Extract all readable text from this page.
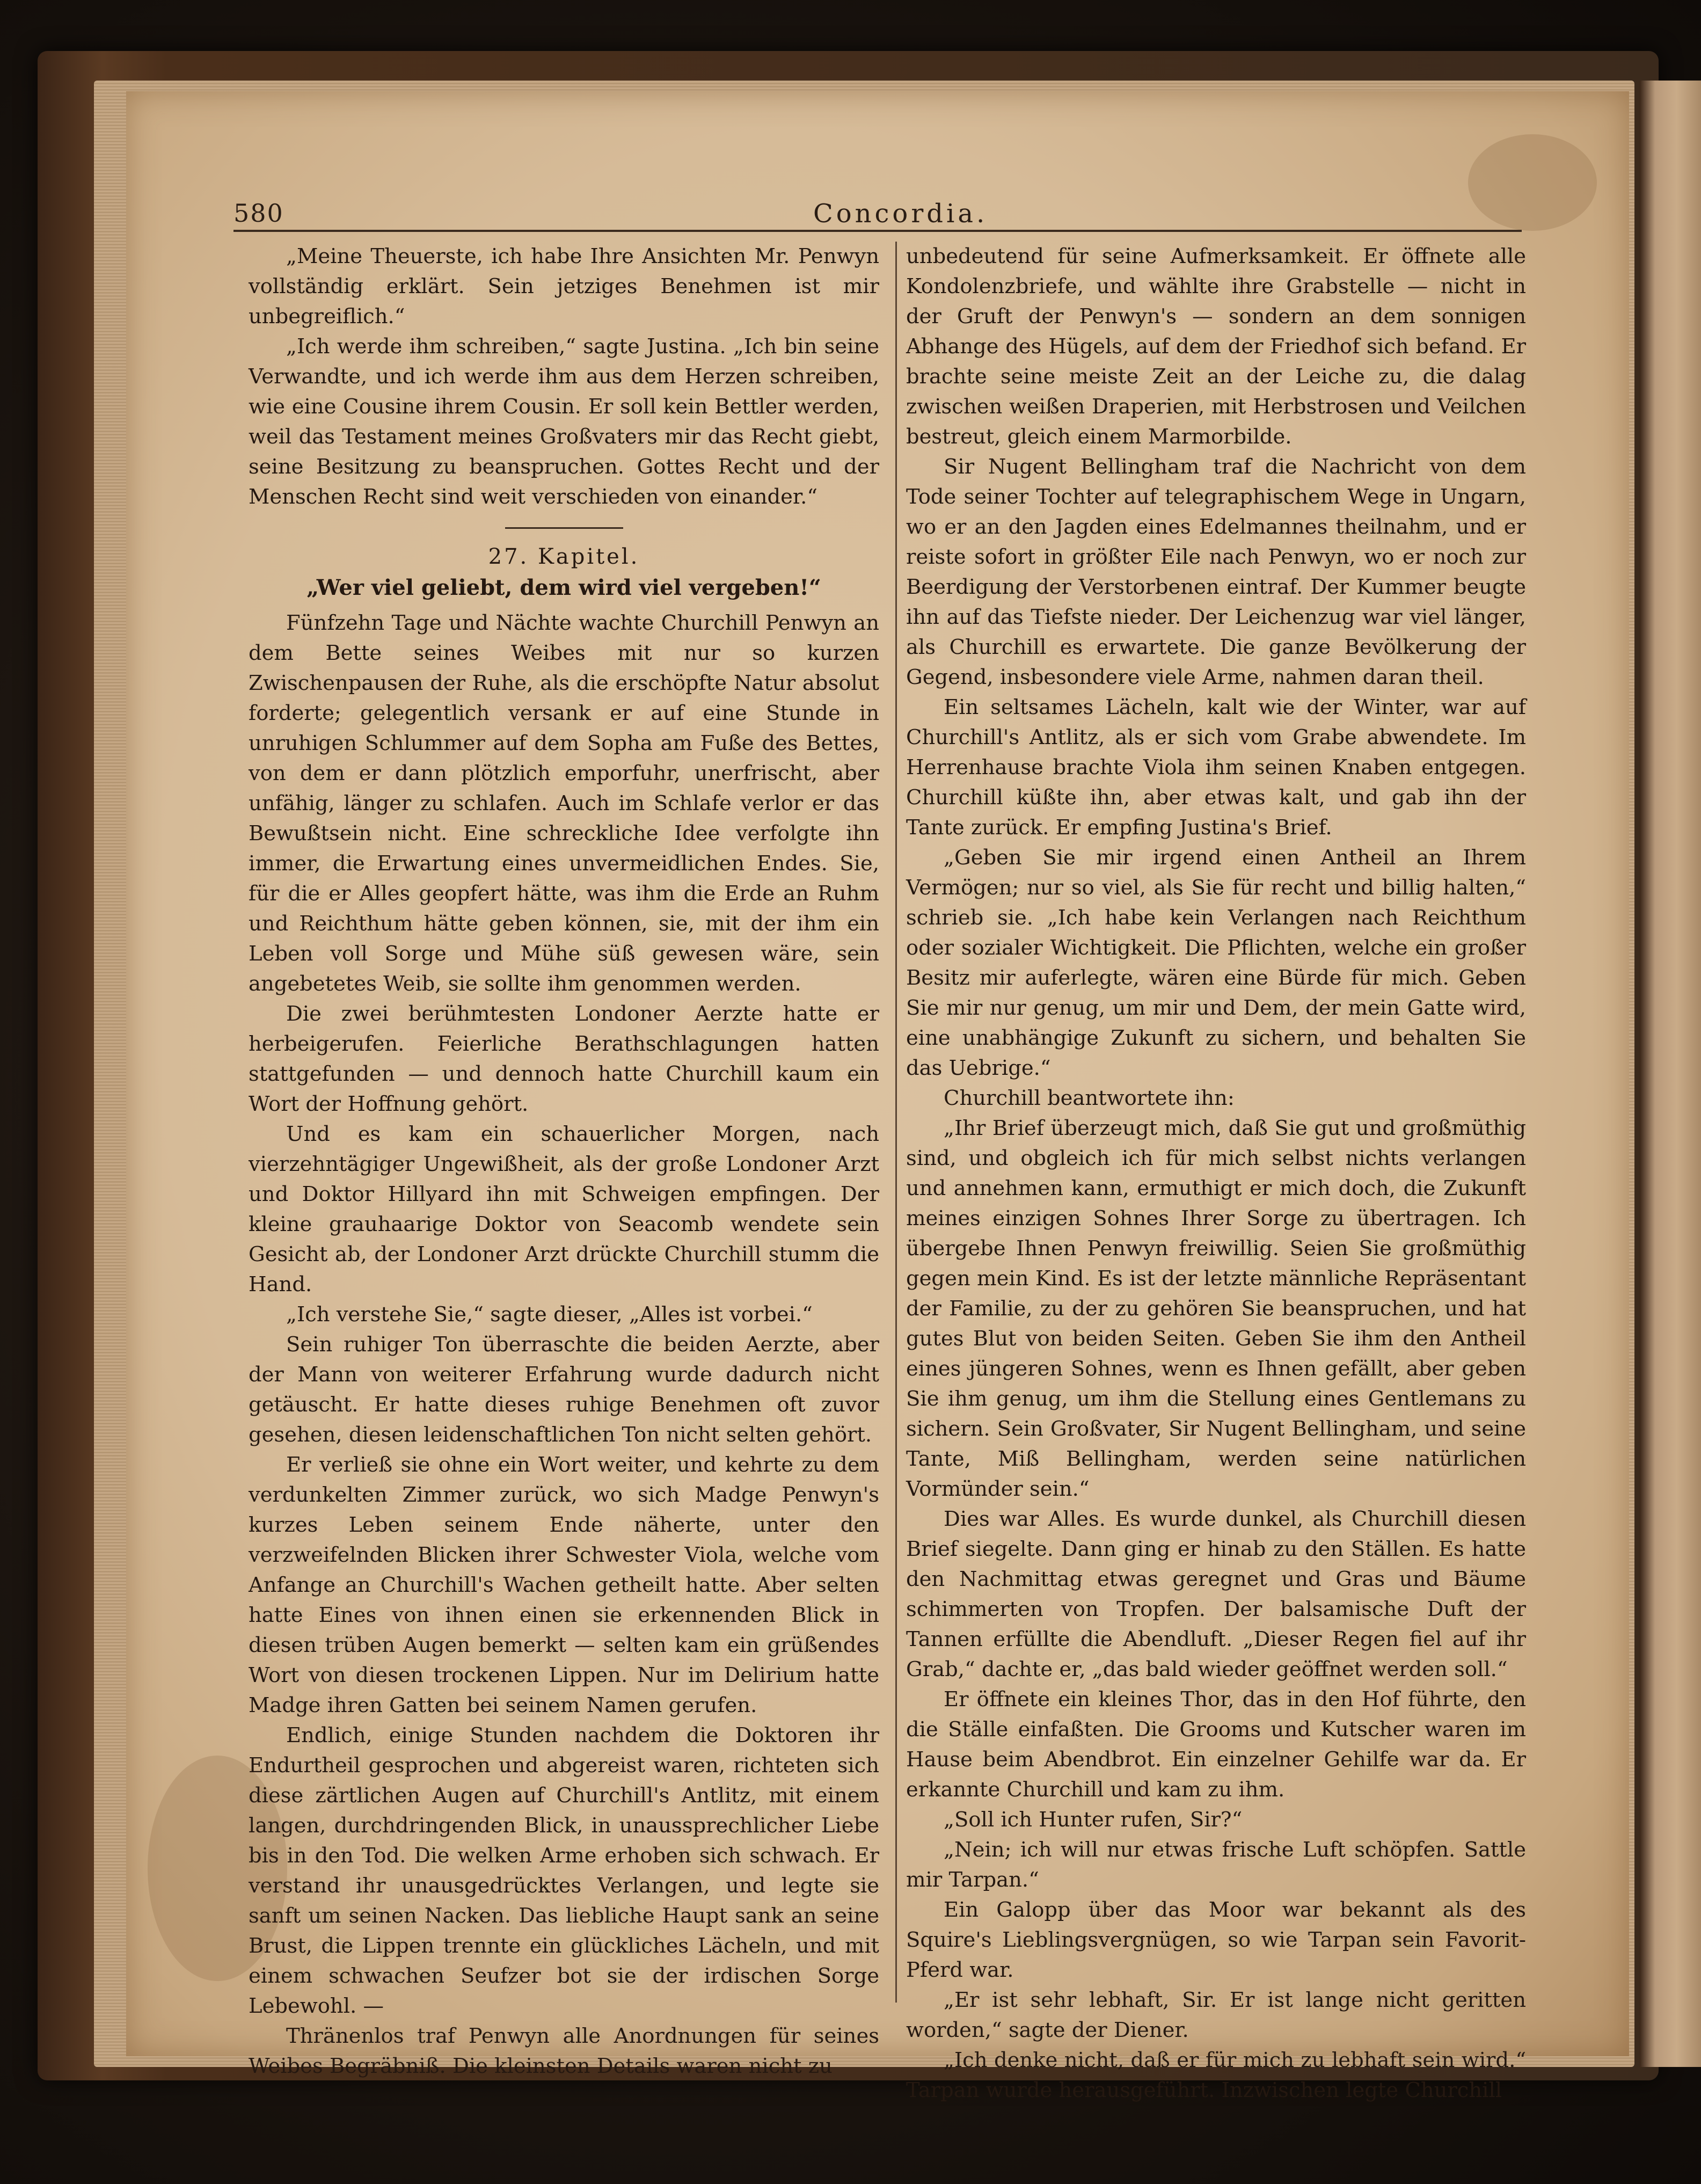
580	Concordia.

„Meine Theuerste, ich habe Ihre Ansichten Mr. Penwyn vollständig erklärt. Sein jetziges Benehmen ist mir unbegreiflich.“

„Ich werde ihm schreiben,“ sagte Justina. „Ich bin seine Verwandte, und ich werde ihm aus dem Herzen schreiben, wie eine Cousine ihrem Cousin. Er soll kein Bettler werden, weil das Testament meines Großvaters mir das Recht giebt, seine Besitzung zu beanspruchen. Gottes Recht und der Menschen Recht sind weit verschieden von einander.“

27. Kapitel.
„Wer viel geliebt, dem wird viel vergeben!“

Fünfzehn Tage und Nächte wachte Churchill Penwyn an dem Bette seines Weibes mit nur so kurzen Zwischenpausen der Ruhe, als die erschöpfte Natur absolut forderte; gelegentlich versank er auf eine Stunde in unruhigen Schlummer auf dem Sopha am Fuße des Bettes, von dem er dann plötzlich emporfuhr, unerfrischt, aber unfähig, länger zu schlafen. Auch im Schlafe verlor er das Bewußtsein nicht. Eine schreckliche Idee verfolgte ihn immer, die Erwartung eines unvermeidlichen Endes. Sie, für die er Alles geopfert hätte, was ihm die Erde an Ruhm und Reichthum hätte geben können, sie, mit der ihm ein Leben voll Sorge und Mühe süß gewesen wäre, sein angebetetes Weib, sie sollte ihm genommen werden.

Die zwei berühmtesten Londoner Aerzte hatte er herbeigerufen. Feierliche Berathschlagungen hatten stattgefunden — und dennoch hatte Churchill kaum ein Wort der Hoffnung gehört.

Und es kam ein schauerlicher Morgen, nach vierzehntägiger Ungewißheit, als der große Londoner Arzt und Doktor Hillyard ihn mit Schweigen empfingen. Der kleine grauhaarige Doktor von Seacomb wendete sein Gesicht ab, der Londoner Arzt drückte Churchill stumm die Hand.

„Ich verstehe Sie,“ sagte dieser, „Alles ist vorbei.“

Sein ruhiger Ton überraschte die beiden Aerzte, aber der Mann von weiterer Erfahrung wurde dadurch nicht getäuscht. Er hatte dieses ruhige Benehmen oft zuvor gesehen, diesen leidenschaftlichen Ton nicht selten gehört.

Er verließ sie ohne ein Wort weiter, und kehrte zu dem verdunkelten Zimmer zurück, wo sich Madge Penwyn's kurzes Leben seinem Ende näherte, unter den verzweifelnden Blicken ihrer Schwester Viola, welche vom Anfange an Churchill's Wachen getheilt hatte. Aber selten hatte Eines von ihnen einen sie erkennenden Blick in diesen trüben Augen bemerkt — selten kam ein grüßendes Wort von diesen trockenen Lippen. Nur im Delirium hatte Madge ihren Gatten bei seinem Namen gerufen.

Endlich, einige Stunden nachdem die Doktoren ihr Endurtheil gesprochen und abgereist waren, richteten sich diese zärtlichen Augen auf Churchill's Antlitz, mit einem langen, durchdringenden Blick, in unaussprechlicher Liebe bis in den Tod. Die welken Arme erhoben sich schwach. Er verstand ihr unausgedrücktes Verlangen, und legte sie sanft um seinen Nacken. Das liebliche Haupt sank an seine Brust, die Lippen trennte ein glückliches Lächeln, und mit einem schwachen Seufzer bot sie der irdischen Sorge Lebewohl. —

Thränenlos traf Penwyn alle Anordnungen für seines Weibes Begräbniß. Die kleinsten Details waren nicht zu

unbedeutend für seine Aufmerksamkeit. Er öffnete alle Kondolenzbriefe, und wählte ihre Grabstelle — nicht in der Gruft der Penwyn's — sondern an dem sonnigen Abhange des Hügels, auf dem der Friedhof sich befand. Er brachte seine meiste Zeit an der Leiche zu, die dalag zwischen weißen Draperien, mit Herbstrosen und Veilchen bestreut, gleich einem Marmorbilde.

Sir Nugent Bellingham traf die Nachricht von dem Tode seiner Tochter auf telegraphischem Wege in Ungarn, wo er an den Jagden eines Edelmannes theilnahm, und er reiste sofort in größter Eile nach Penwyn, wo er noch zur Beerdigung der Verstorbenen eintraf. Der Kummer beugte ihn auf das Tiefste nieder. Der Leichenzug war viel länger, als Churchill es erwartete. Die ganze Bevölkerung der Gegend, insbesondere viele Arme, nahmen daran theil.

Ein seltsames Lächeln, kalt wie der Winter, war auf Churchill's Antlitz, als er sich vom Grabe abwendete. Im Herrenhause brachte Viola ihm seinen Knaben entgegen. Churchill küßte ihn, aber etwas kalt, und gab ihn der Tante zurück. Er empfing Justina's Brief.

„Geben Sie mir irgend einen Antheil an Ihrem Vermögen; nur so viel, als Sie für recht und billig halten,“ schrieb sie. „Ich habe kein Verlangen nach Reichthum oder sozialer Wichtigkeit. Die Pflichten, welche ein großer Besitz mir auferlegte, wären eine Bürde für mich. Geben Sie mir nur genug, um mir und Dem, der mein Gatte wird, eine unabhängige Zukunft zu sichern, und behalten Sie das Uebrige.“

Churchill beantwortete ihn:

„Ihr Brief überzeugt mich, daß Sie gut und großmüthig sind, und obgleich ich für mich selbst nichts verlangen und annehmen kann, ermuthigt er mich doch, die Zukunft meines einzigen Sohnes Ihrer Sorge zu übertragen. Ich übergebe Ihnen Penwyn freiwillig. Seien Sie großmüthig gegen mein Kind. Es ist der letzte männliche Repräsentant der Familie, zu der zu gehören Sie beanspruchen, und hat gutes Blut von beiden Seiten. Geben Sie ihm den Antheil eines jüngeren Sohnes, wenn es Ihnen gefällt, aber geben Sie ihm genug, um ihm die Stellung eines Gentlemans zu sichern. Sein Großvater, Sir Nugent Bellingham, und seine Tante, Miß Bellingham, werden seine natürlichen Vormünder sein.“

Dies war Alles. Es wurde dunkel, als Churchill diesen Brief siegelte. Dann ging er hinab zu den Ställen. Es hatte den Nachmittag etwas geregnet und Gras und Bäume schimmerten von Tropfen. Der balsamische Duft der Tannen erfüllte die Abendluft. „Dieser Regen fiel auf ihr Grab,“ dachte er, „das bald wieder geöffnet werden soll.“

Er öffnete ein kleines Thor, das in den Hof führte, den die Ställe einfaßten. Die Grooms und Kutscher waren im Hause beim Abendbrot. Ein einzelner Gehilfe war da. Er erkannte Churchill und kam zu ihm.

„Soll ich Hunter rufen, Sir?“

„Nein; ich will nur etwas frische Luft schöpfen. Sattle mir Tarpan.“

Ein Galopp über das Moor war bekannt als des Squire's Lieblingsvergnügen, so wie Tarpan sein Favorit-Pferd war.

„Er ist sehr lebhaft, Sir. Er ist lange nicht geritten worden,“ sagte der Diener.

„Ich denke nicht, daß er für mich zu lebhaft sein wird.“ Tarpan wurde herausgeführt. Inzwischen legte Churchill
